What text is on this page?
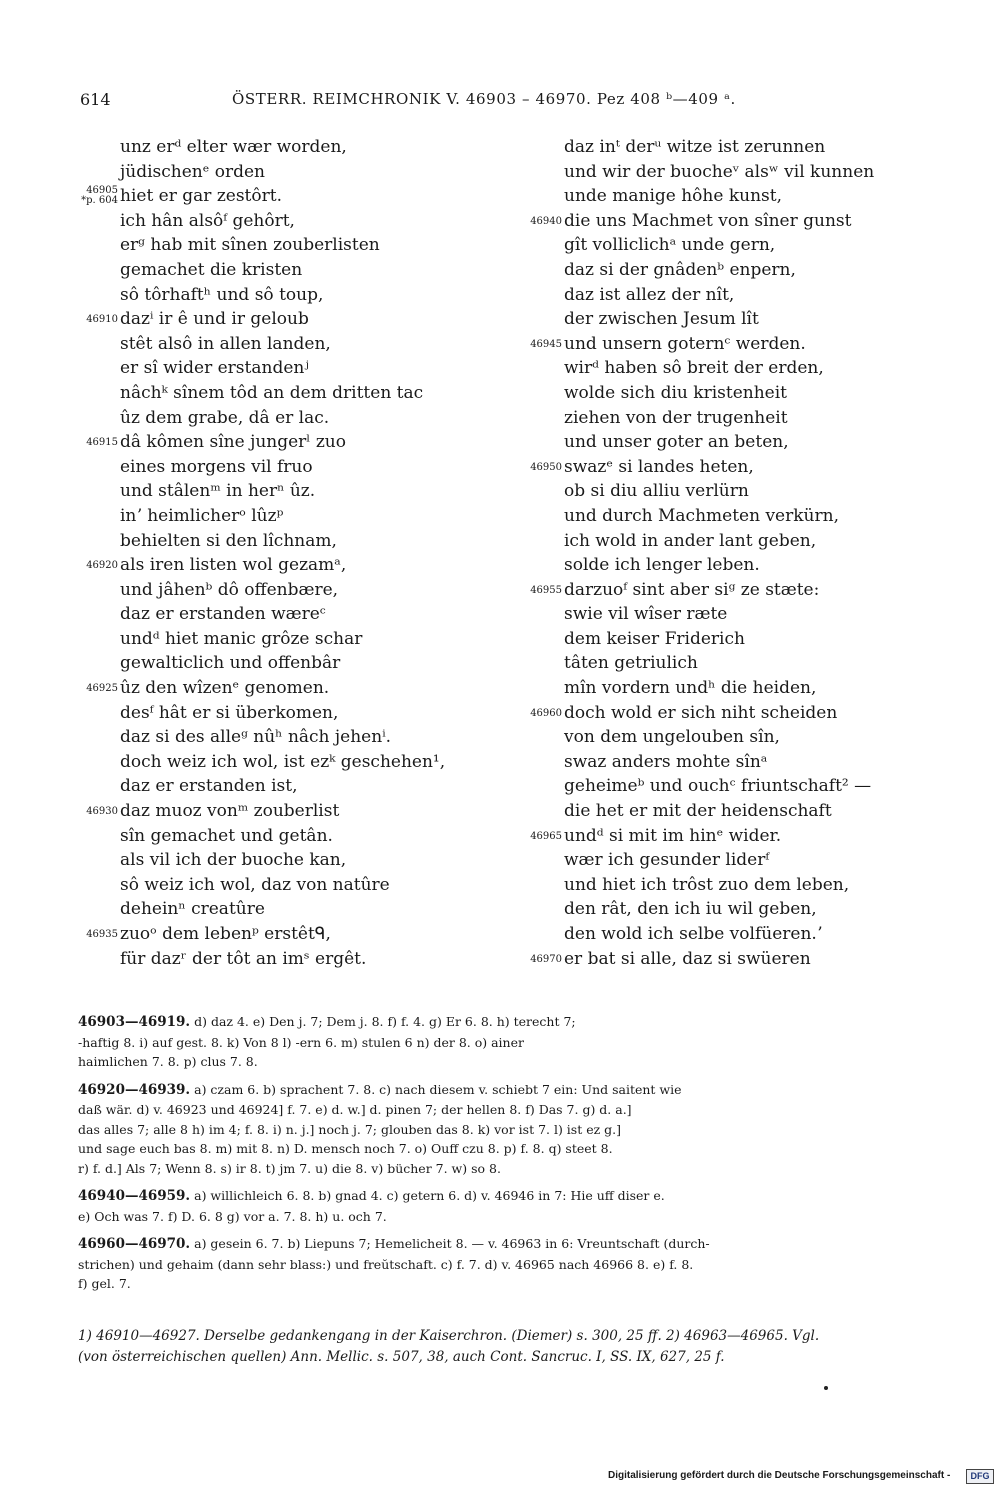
614	ÖSTERR. REIMCHRONIK V. 46903 – 46970. Pez 408 ᵇ—409 ᵃ.
unz erᵈ elter wær worden,
jüdischenᵉ orden
46905
*p. 604 hiet er gar zestôrt.
ich hân alsôᶠ gehôrt,
erᵍ hab mit sînen zouberlisten
gemachet die kristen
sô tôrhaftʰ und sô toup,
46910 dazⁱ ir ê und ir geloub
stêt alsô in allen landen,
er sî wider erstandenʲ
nâchᵏ sînem tôd an dem dritten tac
ûz dem grabe, dâ er lac.
46915 dâ kômen sîne jungerˡ zuo
eines morgens vil fruo
und stâlenᵐ in herⁿ ûz.
inʼ heimlicherᵒ lûzᵖ
behielten si den lîchnam,
46920 als iren listen wol gezamᵃ,
und jâhenᵇ dô offenbære,
daz er erstanden wæreᶜ
undᵈ hiet manic grôze schar
gewalticlich und offenbâr
46925 ûz den wîzenᵉ genomen.
desᶠ hât er si überkomen,
daz si des alleᵍ nûʰ nâch jehenⁱ.
doch weiz ich wol, ist ezᵏ geschehen¹,
daz er erstanden ist,
46930 daz muoz vonᵐ zouberlist
sîn gemachet und getân.
als vil ich der buoche kan,
sô weiz ich wol, daz von natûre
deheinⁿ creatûre
46935 zuoᵒ dem lebenᵖ erstêtᑫ,
für dazʳ der tôt an imˢ ergêt.
daz inᵗ derᵘ witze ist zerunnen
und wir der buocheᵛ alsʷ vil kunnen
unde manige hôhe kunst,
46940 die uns Machmet von sîner gunst
gît volliclichᵃ unde gern,
daz si der gnâdenᵇ enpern,
daz ist allez der nît,
der zwischen Jesum lît
46945 und unsern goternᶜ werden.
wirᵈ haben sô breit der erden,
wolde sich diu kristenheit
ziehen von der trugenheit
und unser goter an beten,
46950 swazᵉ si landes heten,
ob si diu alliu verlürn
und durch Machmeten verkürn,
ich wold in ander lant geben,
solde ich lenger leben.
46955 darzuoᶠ sint aber siᵍ ze stæte:
swie vil wîser ræte
dem keiser Friderich
tâten getriulich
mîn vordern undʰ die heiden,
46960 doch wold er sich niht scheiden
von dem ungelouben sîn,
swaz anders mohte sînᵃ
geheimeᵇ und ouchᶜ friuntschaft² —
die het er mit der heidenschaft
46965 undᵈ si mit im hinᵉ wider.
wær ich gesunder liderᶠ
und hiet ich trôst zuo dem leben,
den rât, den ich iu wil geben,
den wold ich selbe volfüeren.ʼ
46970 er bat si alle, daz si swüeren
46903—46919. d) daz 4. e) Den j. 7; Dem j. 8. f) f. 4. g) Er 6. 8. h) terecht 7;
-haftig 8. i) auf gest. 8. k) Von 8 l) -ern 6. m) stulen 6 n) der 8. o) ainer
haimlichen 7. 8. p) clus 7. 8.
46920—46939. a) czam 6. b) sprachent 7. 8. c) nach diesem v. schiebt 7 ein: Und saitent wie
daß wär. d) v. 46923 und 46924] f. 7. e) d. w.] d. pinen 7; der hellen 8. f) Das 7. g) d. a.]
das alles 7; alle 8 h) im 4; f. 8. i) n. j.] noch j. 7; glouben das 8. k) vor ist 7. l) ist ez g.]
und sage euch bas 8. m) mit 8. n) D. mensch noch 7. o) Ouff czu 8. p) f. 8. q) steet 8.
r) f. d.] Als 7; Wenn 8. s) ir 8. t) jm 7. u) die 8. v) bücher 7. w) so 8.
46940—46959. a) willichleich 6. 8. b) gnad 4. c) getern 6. d) v. 46946 in 7: Hie uff diser e.
e) Och was 7. f) D. 6. 8 g) vor a. 7. 8. h) u. och 7.
46960—46970. a) gesein 6. 7. b) Liepuns 7; Hemelicheit 8. — v. 46963 in 6: Vreuntschaft (durch-
strichen) und gehaim (dann sehr blass:) und freŭtschaft. c) f. 7. d) v. 46965 nach 46966 8. e) f. 8.
f) gel. 7.
1) 46910—46927. Derselbe gedankengang in der Kaiserchron. (Diemer) s. 300, 25 ff. 2) 46963—46965. Vgl.
(von österreichischen quellen) Ann. Mellic. s. 507, 38, auch Cont. Sancruc. I, SS. IX, 627, 25 f.
Digitalisierung gefördert durch die Deutsche Forschungsgemeinschaft -	DFG
